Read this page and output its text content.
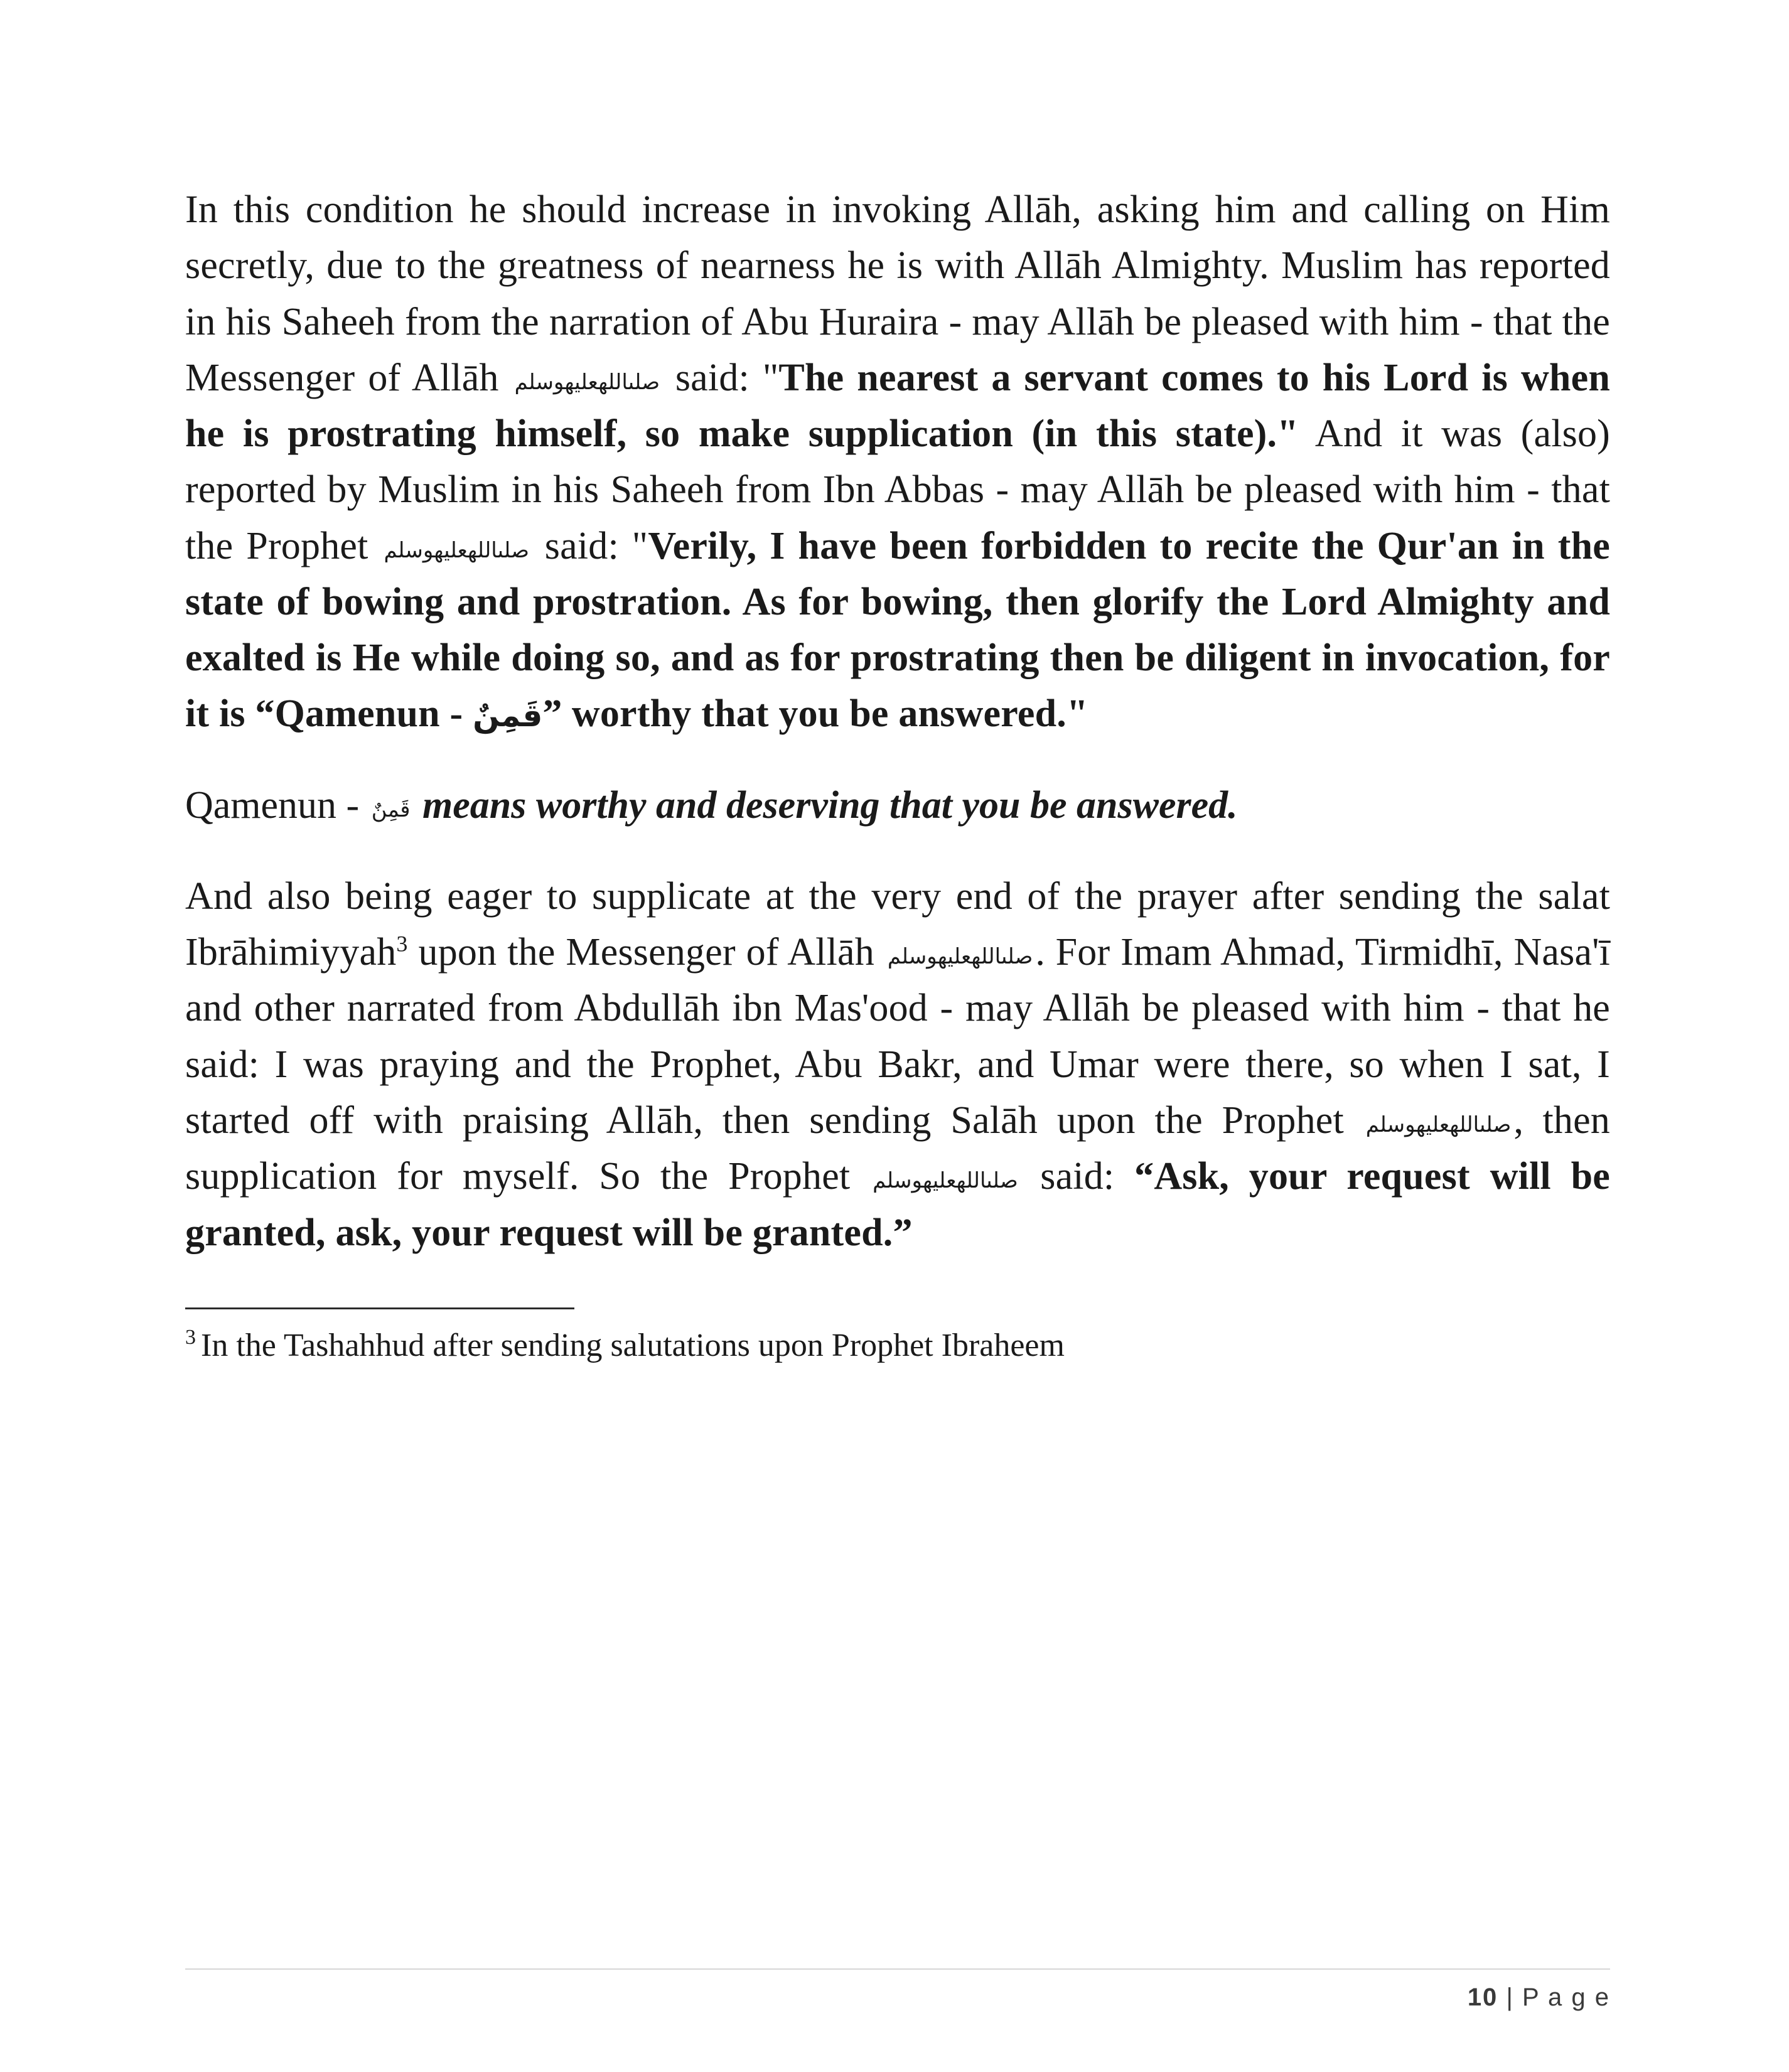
In this condition he should increase in invoking Allāh, asking him and calling on Him secretly, due to the greatness of nearness he is with Allāh Almighty. Muslim has reported in his Saheeh from the narration of Abu Huraira - may Allāh be pleased with him - that the Messenger of Allāh صلىاللهعليهوسلم said: "The nearest a servant comes to his Lord is when he is prostrating himself, so make supplication (in this state)." And it was (also) reported by Muslim in his Saheeh from Ibn Abbas - may Allāh be pleased with him - that the Prophet صلىاللهعليهوسلم said: "Verily, I have been forbidden to recite the Qur'an in the state of bowing and prostration. As for bowing, then glorify the Lord Almighty and exalted is He while doing so, and as for prostrating then be diligent in invocation, for it is “Qamenun - قَمِنٌ” worthy that you be answered."

Qamenun - قَمِنٌ means worthy and deserving that you be answered.

And also being eager to supplicate at the very end of the prayer after sending the salat Ibrāhimiyyah$^3$ upon the Messenger of Allāh صلىاللهعليهوسلم. For Imam Ahmad, Tirmidhī, Nasa'ī and other narrated from Abdullāh ibn Mas'ood - may Allāh be pleased with him - that he said: I was praying and the Prophet, Abu Bakr, and Umar were there, so when I sat, I started off with praising Allāh, then sending Salāh upon the Prophet صلىاللهعليهوسلم, then supplication for myself. So the Prophet صلىاللهعليهوسلم said: “Ask, your request will be granted, ask, your request will be granted.”

$^3$ In the Tashahhud after sending salutations upon Prophet Ibraheem

10 | P a g e
